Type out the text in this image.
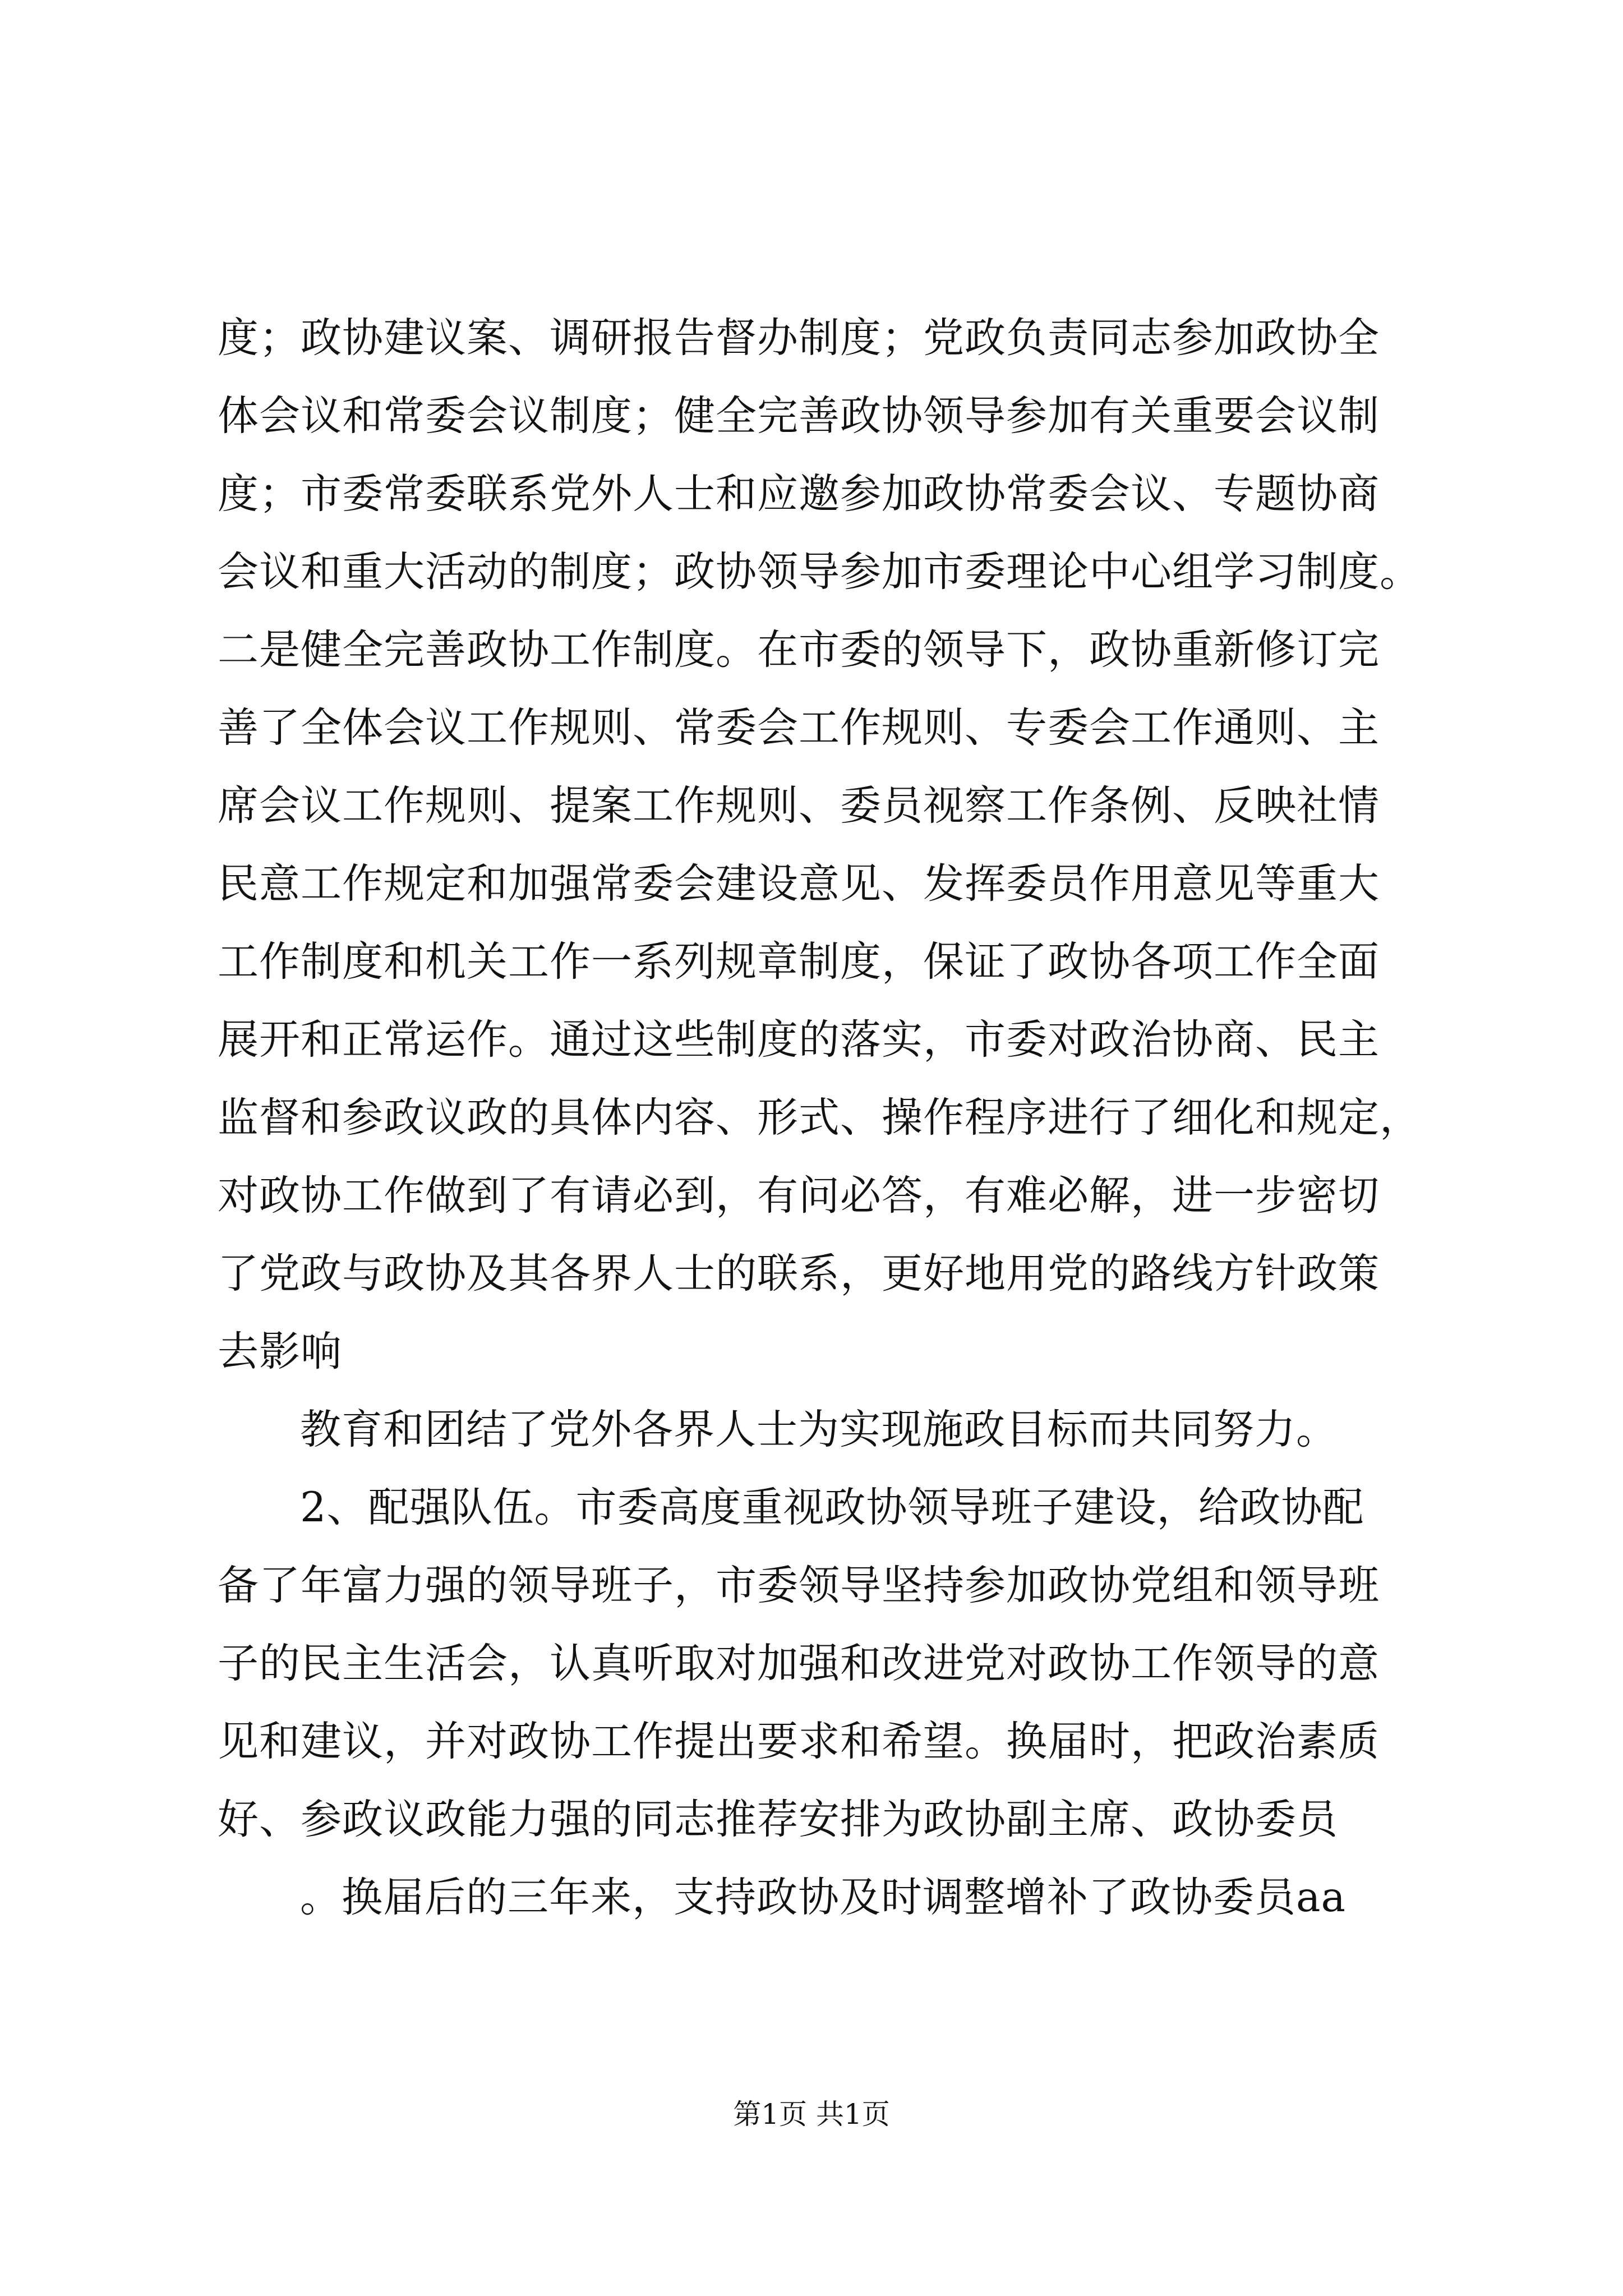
度；政协建议案、调研报告督办制度；党政负责同志参加政协全
体会议和常委会议制度；健全完善政协领导参加有关重要会议制
度；市委常委联系党外人士和应邀参加政协常委会议、专题协商
会议和重大活动的制度；政协领导参加市委理论中心组学习制度。
二是健全完善政协工作制度。在市委的领导下，政协重新修订完
善了全体会议工作规则、常委会工作规则、专委会工作通则、主
席会议工作规则、提案工作规则、委员视察工作条例、反映社情
民意工作规定和加强常委会建设意见、发挥委员作用意见等重大
工作制度和机关工作一系列规章制度，保证了政协各项工作全面
展开和正常运作。通过这些制度的落实，市委对政治协商、民主
监督和参政议政的具体内容、形式、操作程序进行了细化和规定，
对政协工作做到了有请必到，有问必答，有难必解，进一步密切
了党政与政协及其各界人士的联系，更好地用党的路线方针政策
去影响
教育和团结了党外各界人士为实现施政目标而共同努力。
2、配强队伍。市委高度重视政协领导班子建设，给政协配
备了年富力强的领导班子，市委领导坚持参加政协党组和领导班
子的民主生活会，认真听取对加强和改进党对政协工作领导的意
见和建议，并对政协工作提出要求和希望。换届时，把政治素质
好、参政议政能力强的同志推荐安排为政协副主席、政协委员
。换届后的三年来，支持政协及时调整增补了政协委员aa
第1页 共1页
